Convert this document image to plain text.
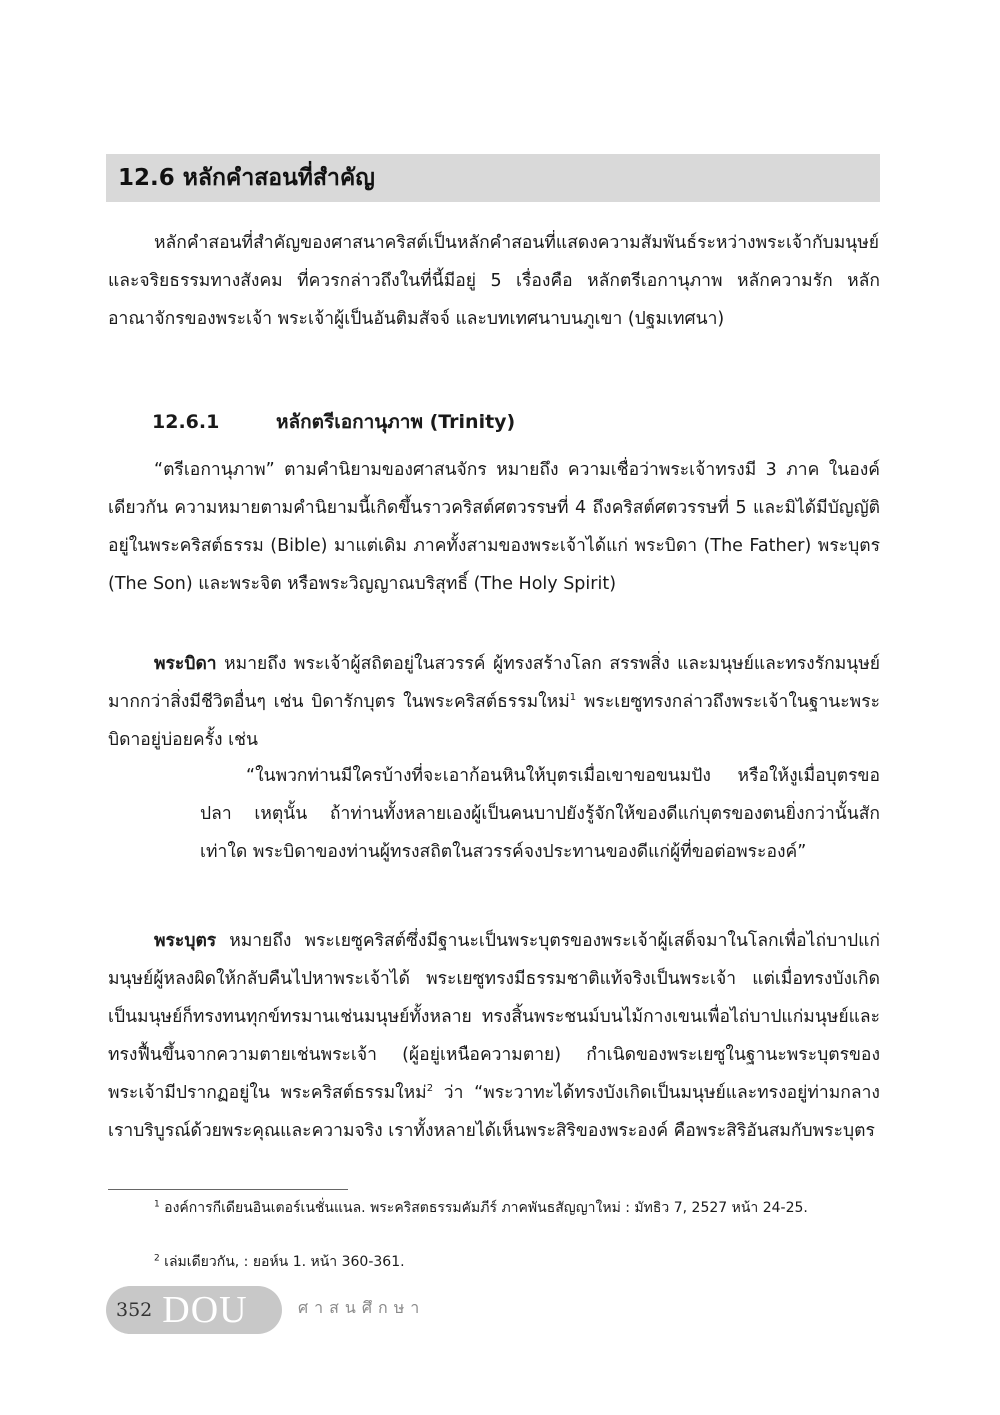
12.6 หลักคำสอนที่สำคัญ

หลักคำสอนที่สำคัญของศาสนาคริสต์เป็นหลักคำสอนที่แสดงความสัมพันธ์ระหว่างพระเจ้ากับมนุษย์และจริยธรรมทางสังคม ที่ควรกล่าวถึงในที่นี้มีอยู่ 5 เรื่องคือ หลักตรีเอกานุภาพ หลักความรัก หลักอาณาจักรของพระเจ้า พระเจ้าผู้เป็นอันติมสัจจ์ และบทเทศนาบนภูเขา (ปฐมเทศนา)

12.6.1	หลักตรีเอกานุภาพ (Trinity)

“ตรีเอกานุภาพ” ตามคำนิยามของศาสนจักร หมายถึง ความเชื่อว่าพระเจ้าทรงมี 3 ภาค ในองค์เดียวกัน ความหมายตามคำนิยามนี้เกิดขึ้นราวคริสต์ศตวรรษที่ 4 ถึงคริสต์ศตวรรษที่ 5 และมิได้มีบัญญัติอยู่ในพระคริสต์ธรรม (Bible) มาแต่เดิม ภาคทั้งสามของพระเจ้าได้แก่ พระบิดา (The Father) พระบุตร (The Son) และพระจิต หรือพระวิญญาณบริสุทธิ์ (The Holy Spirit)

พระบิดา หมายถึง พระเจ้าผู้สถิตอยู่ในสวรรค์ ผู้ทรงสร้างโลก สรรพสิ่ง และมนุษย์และทรงรักมนุษย์มากกว่าสิ่งมีชีวิตอื่นๆ เช่น บิดารักบุตร ในพระคริสต์ธรรมใหม่$^1$ พระเยซูทรงกล่าวถึงพระเจ้าในฐานะพระบิดาอยู่บ่อยครั้ง เช่น

“ในพวกท่านมีใครบ้างที่จะเอาก้อนหินให้บุตรเมื่อเขาขอขนมปัง หรือให้งูเมื่อบุตรขอปลา เหตุนั้น ถ้าท่านทั้งหลายเองผู้เป็นคนบาปยังรู้จักให้ของดีแก่บุตรของตนยิ่งกว่านั้นสักเท่าใด พระบิดาของท่านผู้ทรงสถิตในสวรรค์จงประทานของดีแก่ผู้ที่ขอต่อพระองค์”

พระบุตร หมายถึง พระเยซูคริสต์ซึ่งมีฐานะเป็นพระบุตรของพระเจ้าผู้เสด็จมาในโลกเพื่อไถ่บาปแก่มนุษย์ผู้หลงผิดให้กลับคืนไปหาพระเจ้าได้ พระเยซูทรงมีธรรมชาติแท้จริงเป็นพระเจ้า แต่เมื่อทรงบังเกิดเป็นมนุษย์ก็ทรงทนทุกข์ทรมานเช่นมนุษย์ทั้งหลาย ทรงสิ้นพระชนม์บนไม้กางเขนเพื่อไถ่บาปแก่มนุษย์และทรงฟื้นขึ้นจากความตายเช่นพระเจ้า (ผู้อยู่เหนือความตาย) กำเนิดของพระเยซูในฐานะพระบุตรของพระเจ้ามีปรากฏอยู่ใน พระคริสต์ธรรมใหม่$^2$ ว่า “พระวาทะได้ทรงบังเกิดเป็นมนุษย์และทรงอยู่ท่ามกลางเราบริบูรณ์ด้วยพระคุณและความจริง เราทั้งหลายได้เห็นพระสิริของพระองค์ คือพระสิริอันสมกับพระบุตร

$^1$ องค์การกีเดียนอินเตอร์เนชั่นแนล. พระคริสตธรรมคัมภีร์ ภาคพันธสัญญาใหม่ : มัทธิว 7, 2527 หน้า 24-25.

$^2$ เล่มเดียวกัน, : ยอห์น 1. หน้า 360-361.

352 DOU	ศาสนศึกษา
